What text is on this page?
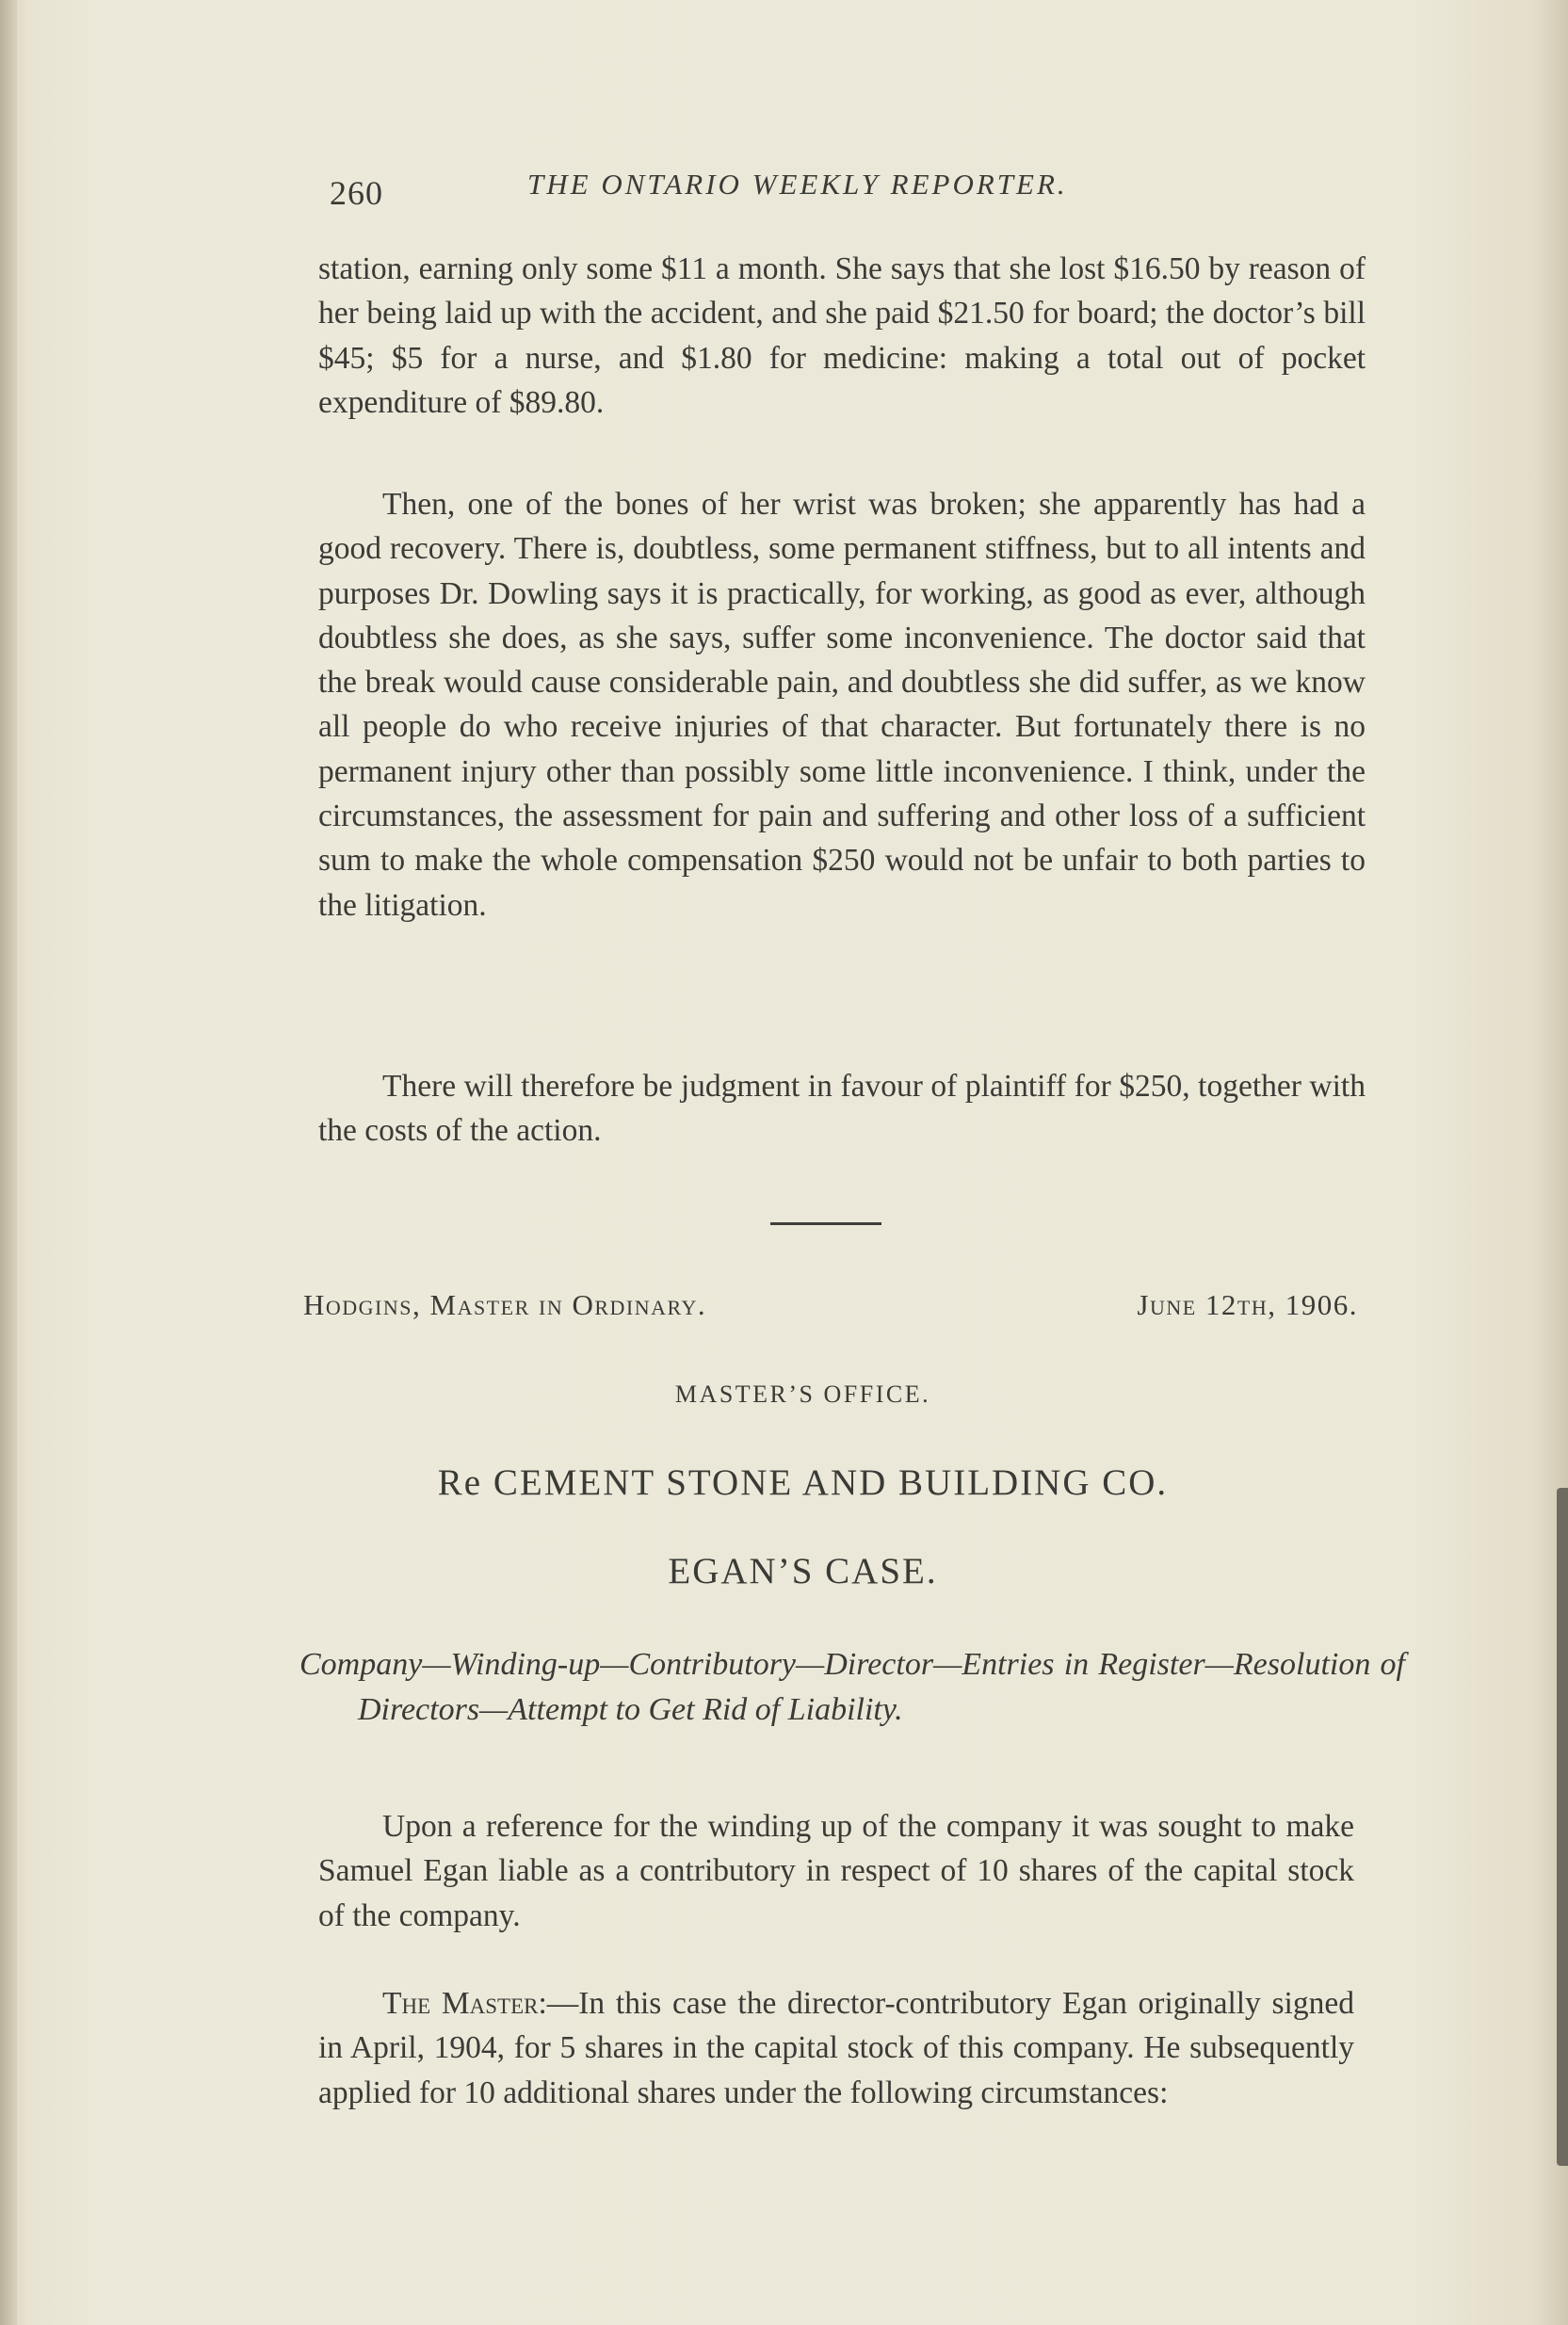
260	THE ONTARIO WEEKLY REPORTER.

station, earning only some $11 a month. She says that she lost $16.50 by reason of her being laid up with the accident, and she paid $21.50 for board; the doctor’s bill $45; $5 for a nurse, and $1.80 for medicine: making a total out of pocket expenditure of $89.80.

Then, one of the bones of her wrist was broken; she apparently has had a good recovery. There is, doubtless, some permanent stiffness, but to all intents and purposes Dr. Dowling says it is practically, for working, as good as ever, although doubtless she does, as she says, suffer some inconvenience. The doctor said that the break would cause considerable pain, and doubtless she did suffer, as we know all people do who receive injuries of that character. But fortunately there is no permanent injury other than possibly some little inconvenience. I think, under the circumstances, the assessment for pain and suffering and other loss of a sufficient sum to make the whole compensation $250 would not be unfair to both parties to the litigation.

There will therefore be judgment in favour of plaintiff for $250, together with the costs of the action.

Hodgins, Master in Ordinary.	June 12th, 1906.
MASTER’S OFFICE.
Re CEMENT STONE AND BUILDING CO.
EGAN’S CASE.
Company—Winding-up—Contributory—Director—Entries in Register—Resolution of Directors—Attempt to Get Rid of Liability.

Upon a reference for the winding up of the company it was sought to make Samuel Egan liable as a contributory in respect of 10 shares of the capital stock of the company.

The Master:—In this case the director-contributory Egan originally signed in April, 1904, for 5 shares in the capital stock of this company. He subsequently applied for 10 additional shares under the following circumstances:
